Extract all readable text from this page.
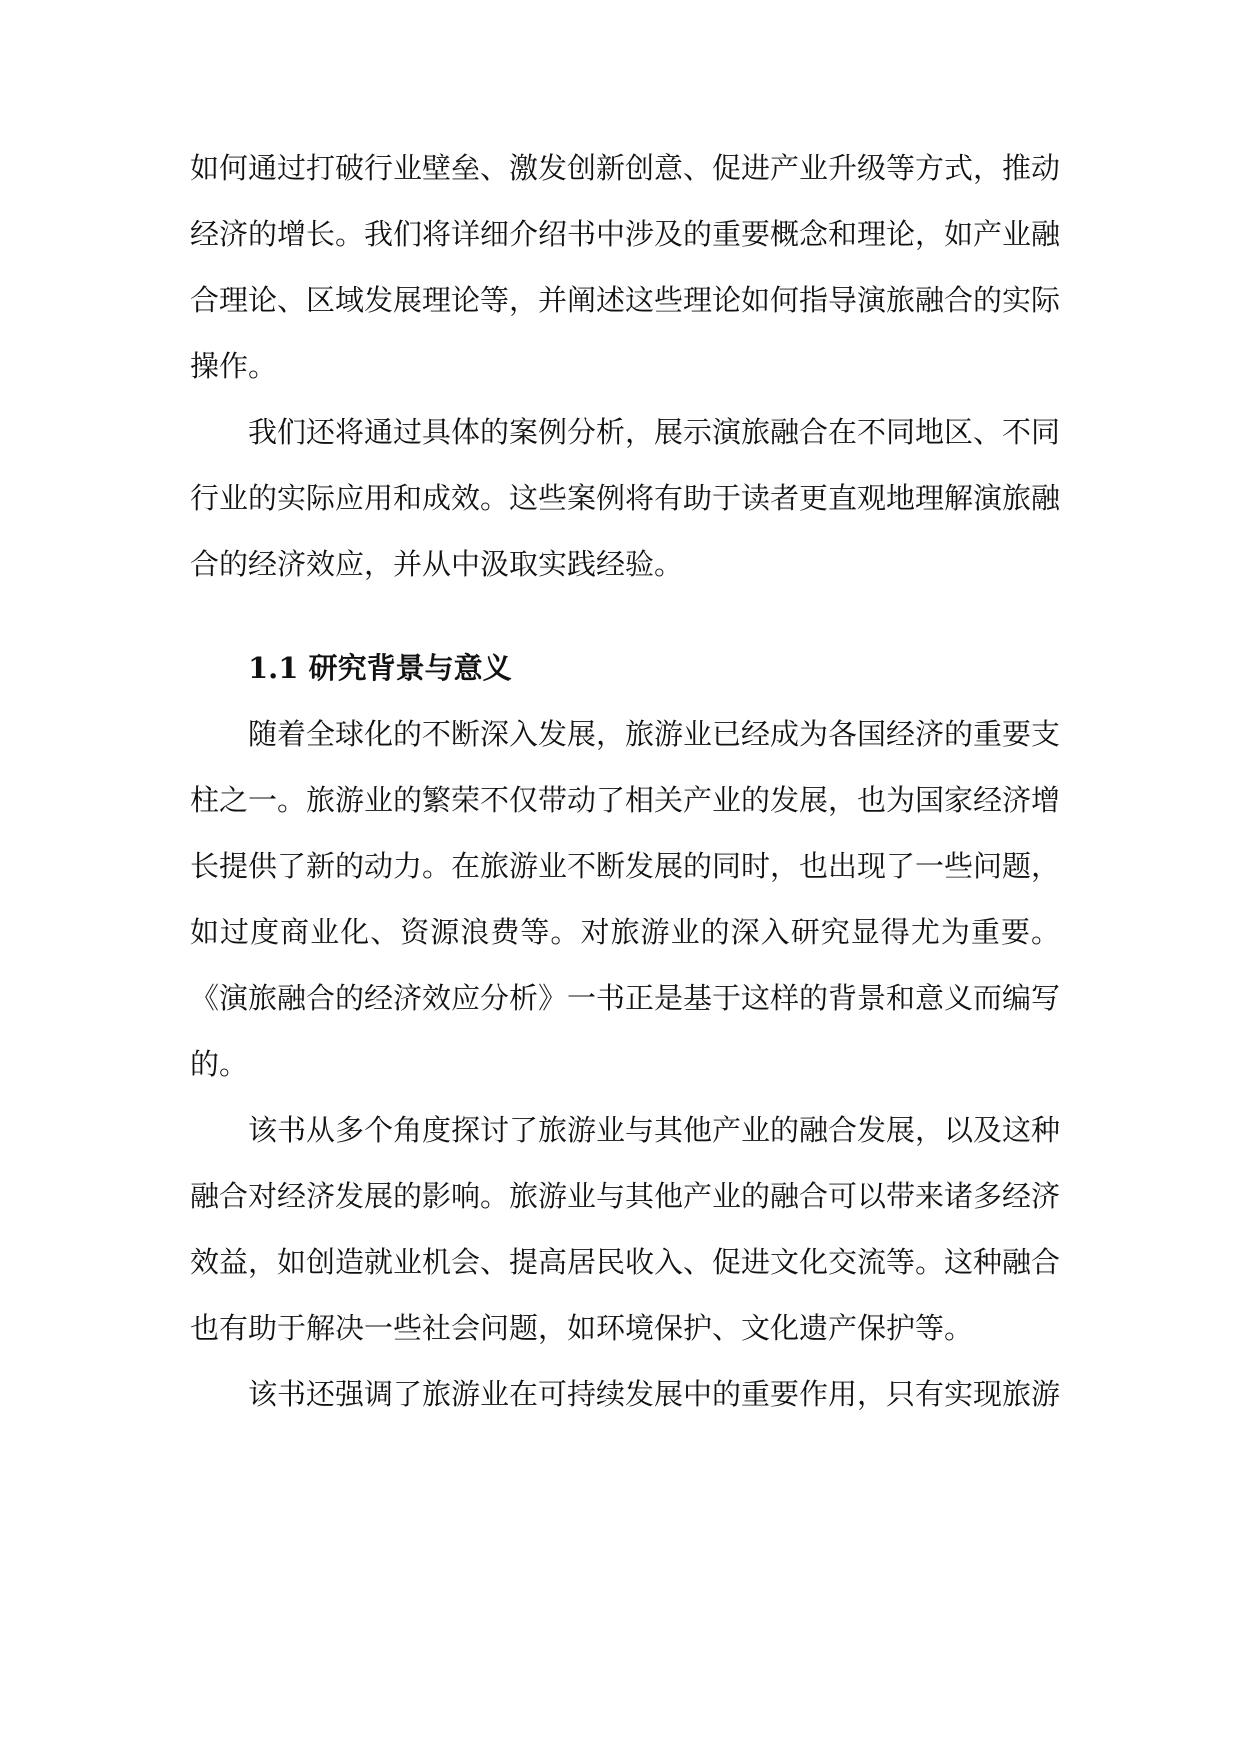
如何通过打破行业壁垒、激发创新创意、促进产业升级等方式，推动经济的增长。我们将详细介绍书中涉及的重要概念和理论，如产业融合理论、区域发展理论等，并阐述这些理论如何指导演旅融合的实际操作。

我们还将通过具体的案例分析，展示演旅融合在不同地区、不同行业的实际应用和成效。这些案例将有助于读者更直观地理解演旅融合的经济效应，并从中汲取实践经验。

1.1 研究背景与意义

随着全球化的不断深入发展，旅游业已经成为各国经济的重要支柱之一。旅游业的繁荣不仅带动了相关产业的发展，也为国家经济增长提供了新的动力。在旅游业不断发展的同时，也出现了一些问题，如过度商业化、资源浪费等。对旅游业的深入研究显得尤为重要。《演旅融合的经济效应分析》一书正是基于这样的背景和意义而编写的。

该书从多个角度探讨了旅游业与其他产业的融合发展，以及这种融合对经济发展的影响。旅游业与其他产业的融合可以带来诸多经济效益，如创造就业机会、提高居民收入、促进文化交流等。这种融合也有助于解决一些社会问题，如环境保护、文化遗产保护等。

该书还强调了旅游业在可持续发展中的重要作用，只有实现旅游
